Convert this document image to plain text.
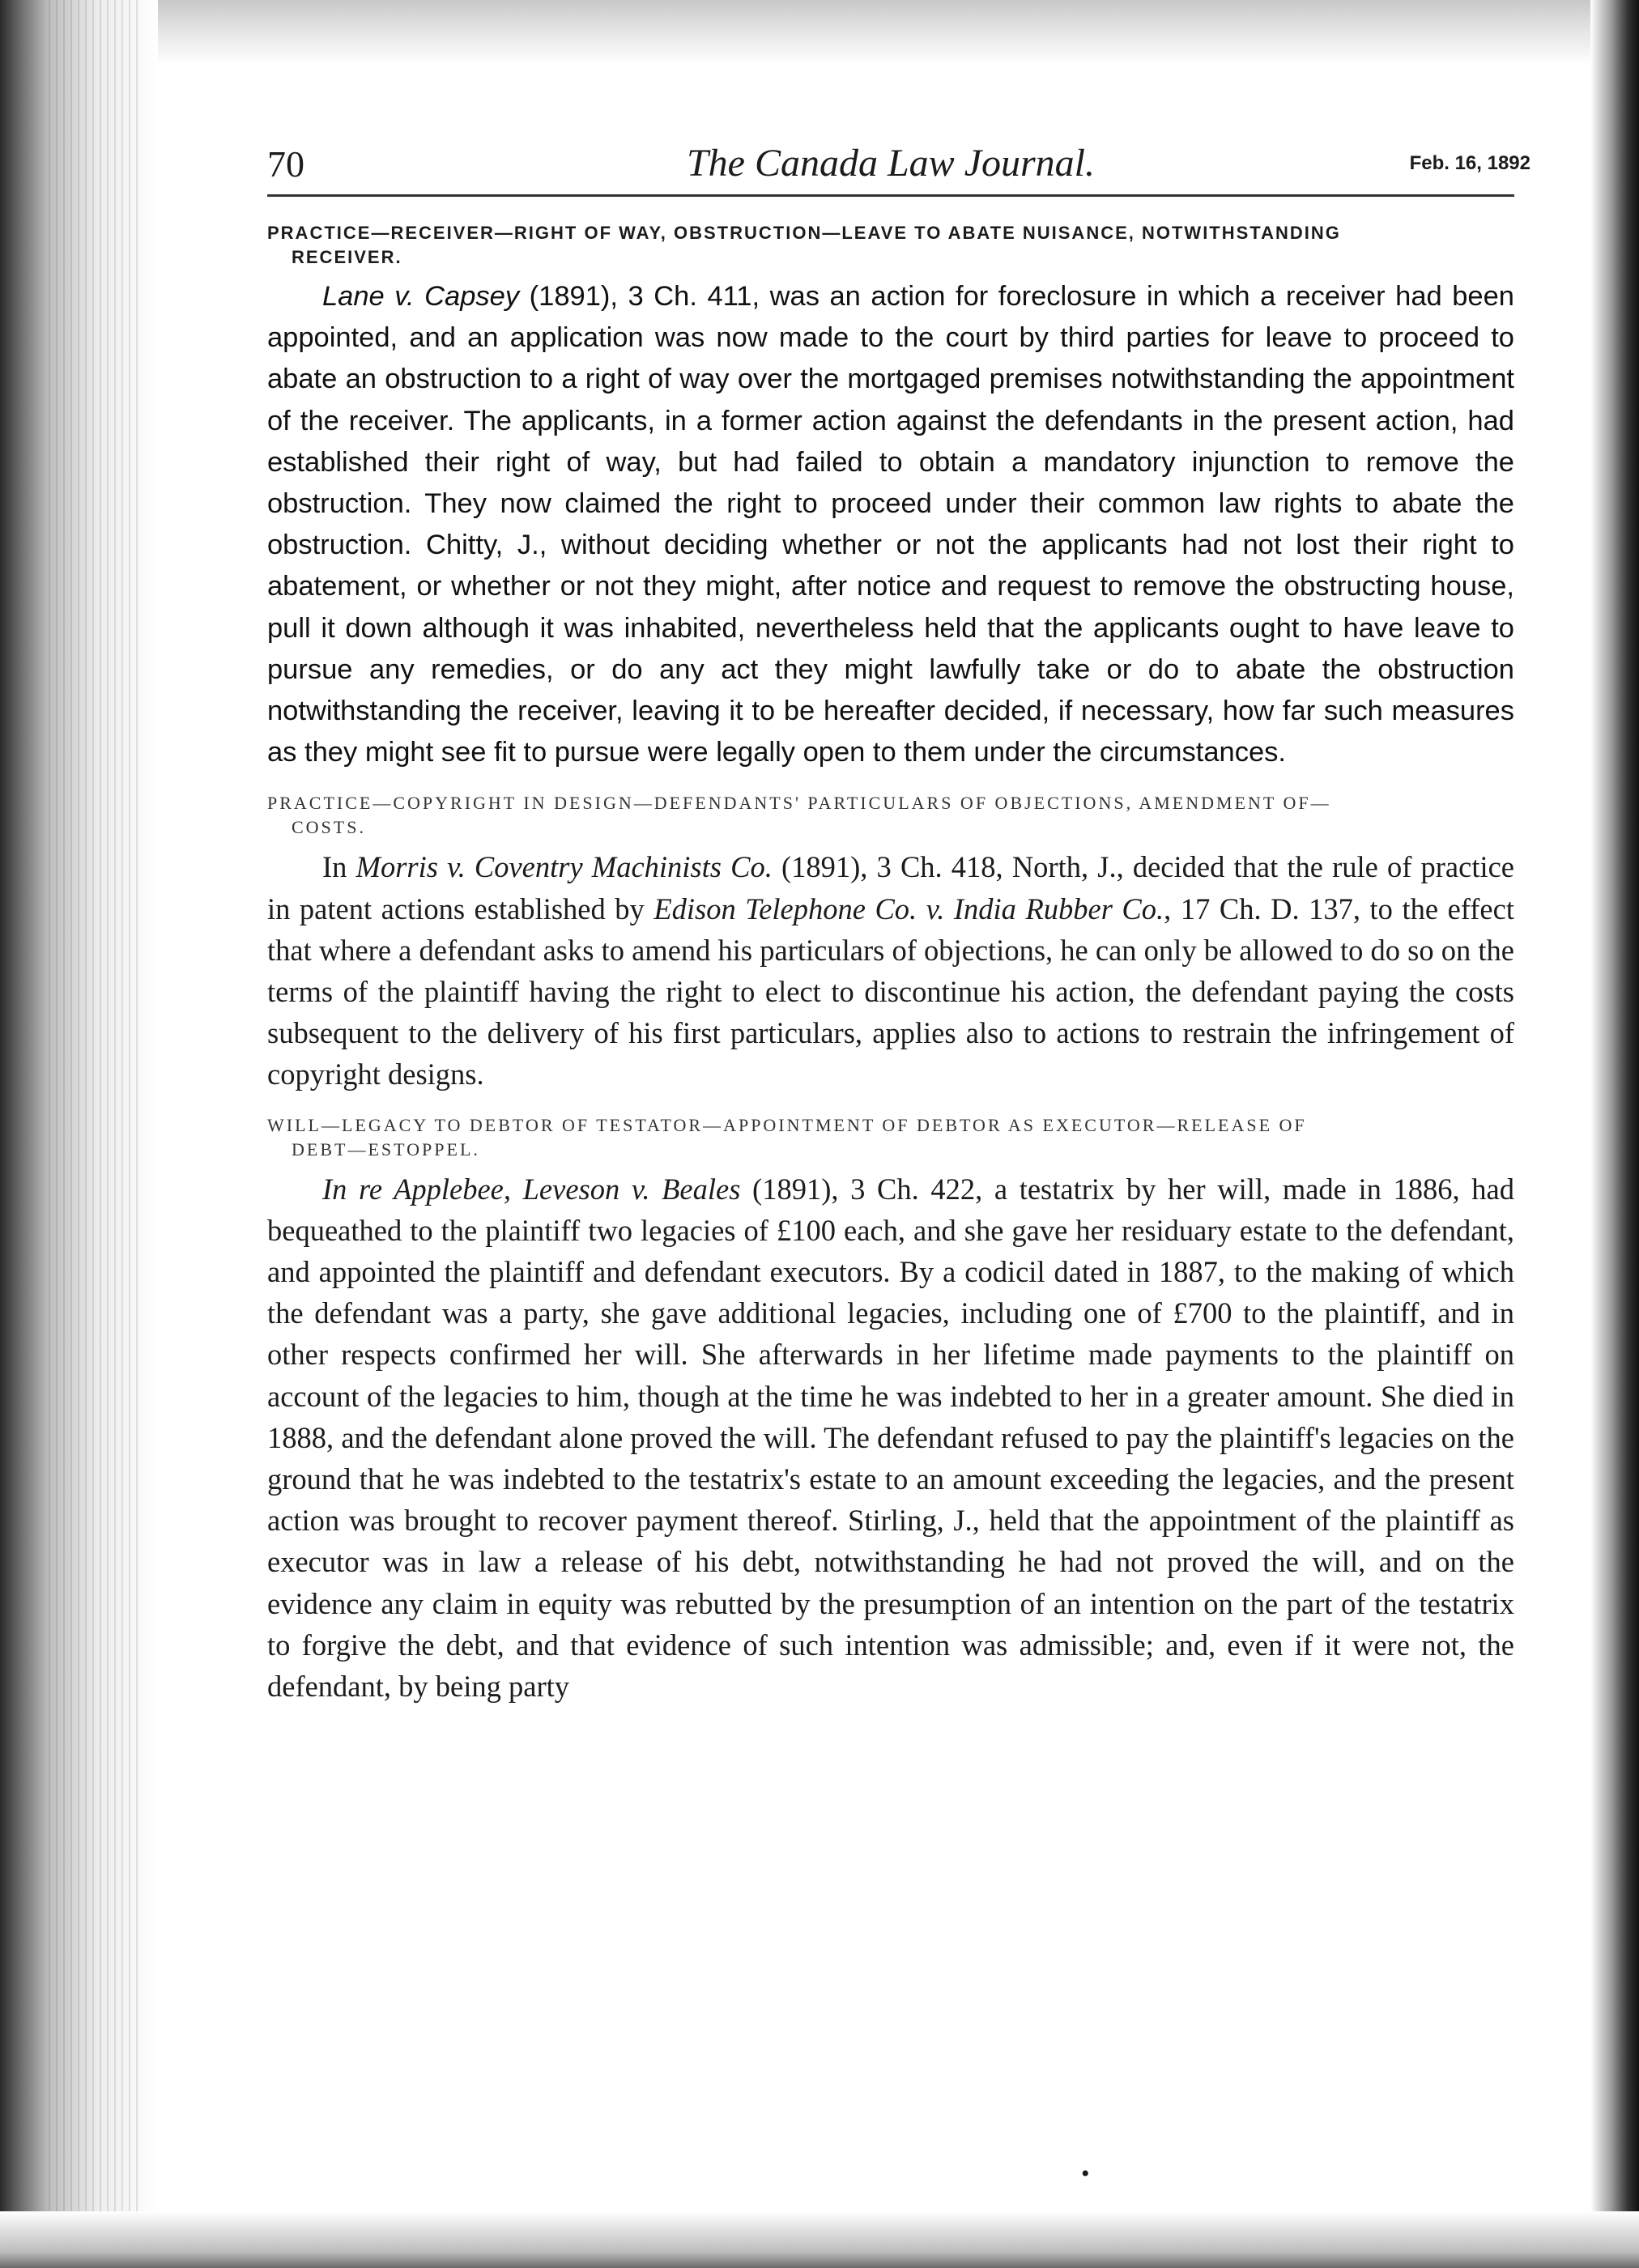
70	The Canada Law Journal.	Feb. 16, 1892

PRACTICE—RECEIVER—RIGHT OF WAY, OBSTRUCTION—LEAVE TO ABATE NUISANCE, NOTWITHSTANDING
RECEIVER.

Lane v. Capsey (1891), 3 Ch. 411, was an action for foreclosure in which a receiver had been appointed, and an application was now made to the court by third parties for leave to proceed to abate an obstruction to a right of way over the mortgaged premises notwithstanding the appointment of the receiver. The applicants, in a former action against the defendants in the present action, had established their right of way, but had failed to obtain a mandatory injunction to remove the obstruction. They now claimed the right to proceed under their common law rights to abate the obstruction. Chitty, J., without deciding whether or not the applicants had not lost their right to abatement, or whether or not they might, after notice and request to remove the obstructing house, pull it down although it was inhabited, nevertheless held that the applicants ought to have leave to pursue any remedies, or do any act they might lawfully take or do to abate the obstruction notwithstanding the receiver, leaving it to be hereafter decided, if necessary, how far such measures as they might see fit to pursue were legally open to them under the circumstances.

PRACTICE—COPYRIGHT IN DESIGN—DEFENDANTS' PARTICULARS OF OBJECTIONS, AMENDMENT OF—
COSTS.

In Morris v. Coventry Machinists Co. (1891), 3 Ch. 418, North, J., decided that the rule of practice in patent actions established by Edison Telephone Co. v. India Rubber Co., 17 Ch. D. 137, to the effect that where a defendant asks to amend his particulars of objections, he can only be allowed to do so on the terms of the plaintiff having the right to elect to discontinue his action, the defendant paying the costs subsequent to the delivery of his first particulars, applies also to actions to restrain the infringement of copyright designs.

WILL—LEGACY TO DEBTOR OF TESTATOR—APPOINTMENT OF DEBTOR AS EXECUTOR—RELEASE OF
DEBT—ESTOPPEL.

In re Applebee, Leveson v. Beales (1891), 3 Ch. 422, a testatrix by her will, made in 1886, had bequeathed to the plaintiff two legacies of £100 each, and she gave her residuary estate to the defendant, and appointed the plaintiff and defendant executors. By a codicil dated in 1887, to the making of which the defendant was a party, she gave additional legacies, including one of £700 to the plaintiff, and in other respects confirmed her will. She afterwards in her lifetime made payments to the plaintiff on account of the legacies to him, though at the time he was indebted to her in a greater amount. She died in 1888, and the defendant alone proved the will. The defendant refused to pay the plaintiff's legacies on the ground that he was indebted to the testatrix's estate to an amount exceeding the legacies, and the present action was brought to recover payment thereof. Stirling, J., held that the appointment of the plaintiff as executor was in law a release of his debt, notwithstanding he had not proved the will, and on the evidence any claim in equity was rebutted by the presumption of an intention on the part of the testatrix to forgive the debt, and that evidence of such intention was admissible; and, even if it were not, the defendant, by being party

•
